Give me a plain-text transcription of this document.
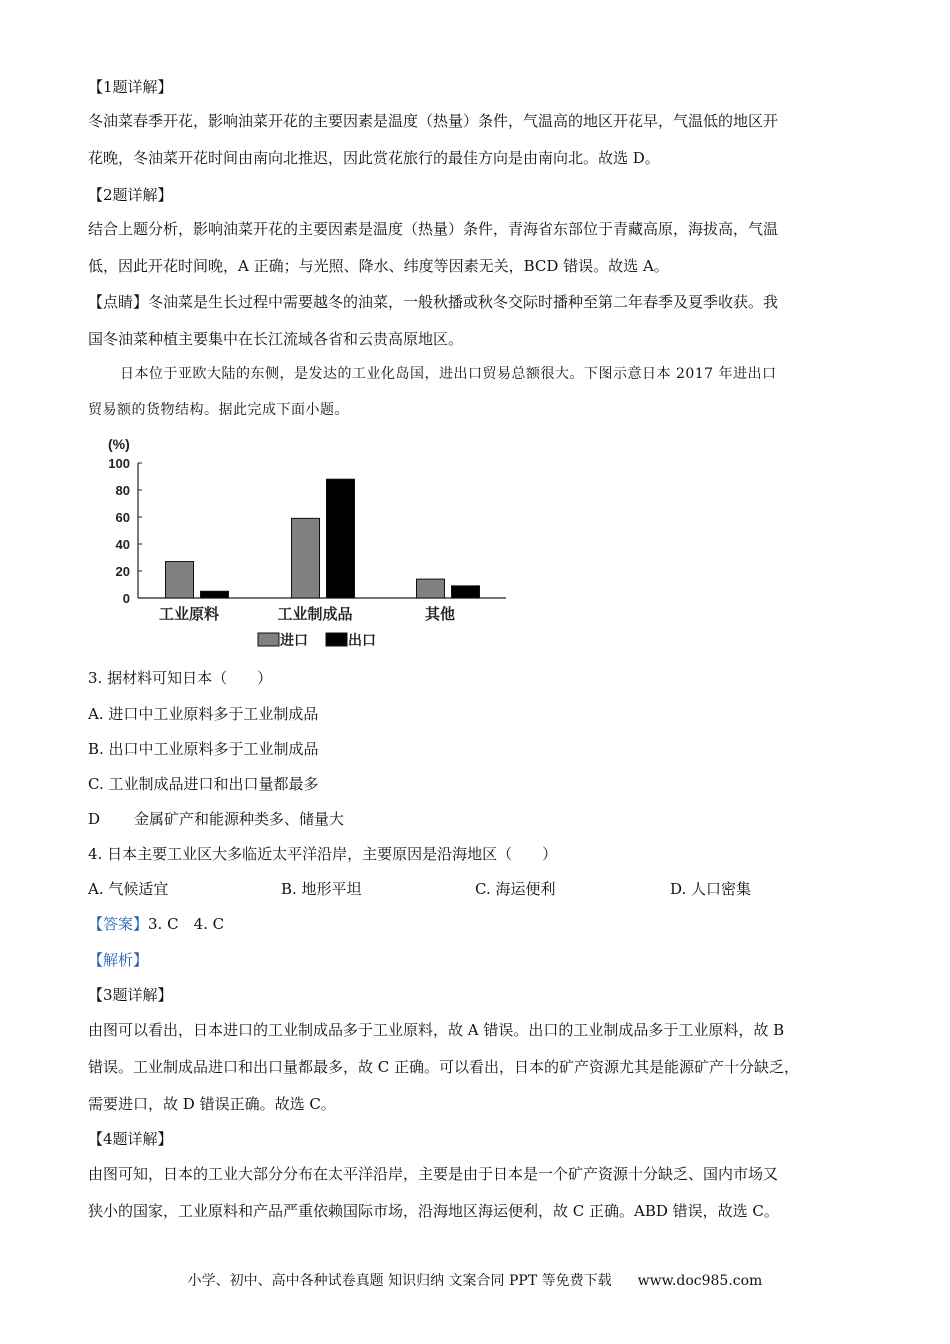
【1题详解】
冬油菜春季开花，影响油菜开花的主要因素是温度（热量）条件，气温高的地区开花早，气温低的地区开
花晚，冬油菜开花时间由南向北推迟，因此赏花旅行的最佳方向是由南向北。故选 D。
【2题详解】
结合上题分析，影响油菜开花的主要因素是温度（热量）条件，青海省东部位于青藏高原，海拔高，气温
低，因此开花时间晚，A 正确；与光照、降水、纬度等因素无关，BCD 错误。故选 A。
【点睛】冬油菜是生长过程中需要越冬的油菜，一般秋播或秋冬交际时播种至第二年春季及夏季收获。我
国冬油菜种植主要集中在长江流域各省和云贵高原地区。
日本位于亚欧大陆的东侧，是发达的工业化岛国，进出口贸易总额很大。下图示意日本 2017 年进出口
贸易额的货物结构。据此完成下面小题。
(%)
0
20
40
60
80
100
工业原料	工业制成品	其他
进口	出口
3. 据材料可知日本（　　）
A. 进口中工业原料多于工业制成品
B. 出口中工业原料多于工业制成品
C. 工业制成品进口和出口量都最多
D 金属矿产和能源种类多、储量大
4. 日本主要工业区大多临近太平洋沿岸，主要原因是沿海地区（　　）
A. 气候适宜	B. 地形平坦	C. 海运便利	D. 人口密集
【答案】3. C　4. C
【解析】
【3题详解】
由图可以看出，日本进口的工业制成品多于工业原料，故 A 错误。出口的工业制成品多于工业原料，故 B
错误。工业制成品进口和出口量都最多，故 C 正确。可以看出，日本的矿产资源尤其是能源矿产十分缺乏，
需要进口，故 D 错误正确。故选 C。
【4题详解】
由图可知，日本的工业大部分分布在太平洋沿岸，主要是由于日本是一个矿产资源十分缺乏、国内市场又
狭小的国家，工业原料和产品严重依赖国际市场，沿海地区海运便利，故 C 正确。ABD 错误，故选 C。
小学、初中、高中各种试卷真题 知识归纳 文案合同 PPT 等免费下载 www.doc985.com
